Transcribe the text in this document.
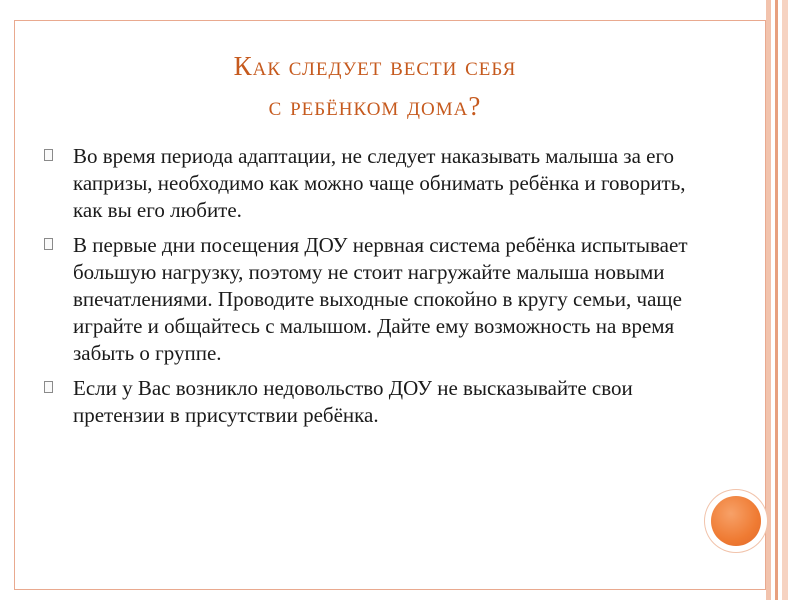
Как следует вести себя
с ребёнком дома?
Во время периода адаптации, не следует наказывать малыша за его капризы, необходимо как можно чаще обнимать ребёнка и говорить, как вы его любите.
В первые дни посещения ДОУ нервная система ребёнка испытывает большую нагрузку, поэтому не стоит нагружайте малыша новыми впечатлениями. Проводите выходные спокойно в кругу семьи, чаще играйте и общайтесь с малышом. Дайте ему возможность на время забыть о группе.
Если у Вас возникло недовольство ДОУ не высказывайте свои претензии в присутствии ребёнка.
